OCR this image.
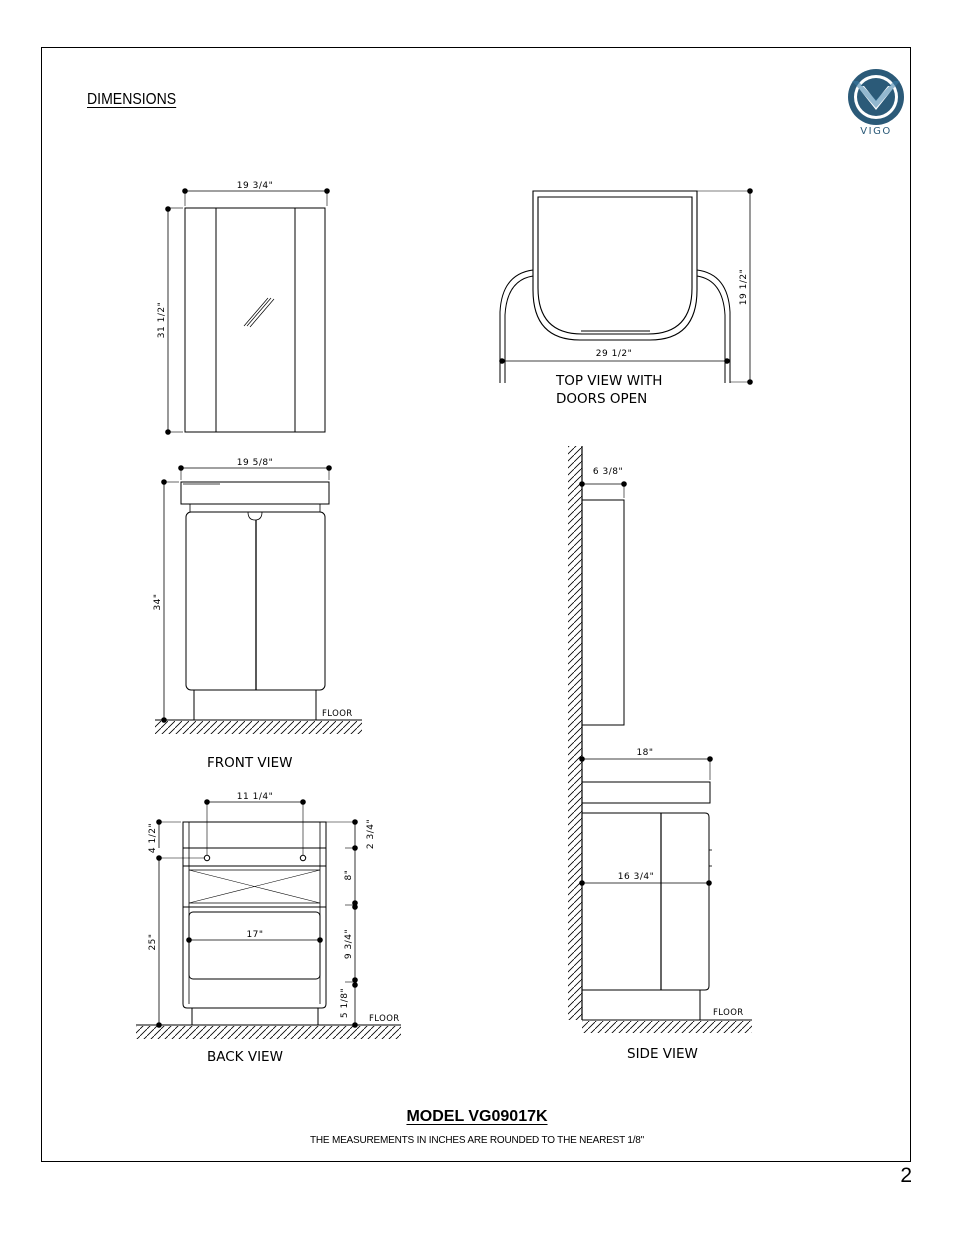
DIMENSIONS
2
MODEL VG09017K
THE MEASUREMENTS IN INCHES ARE ROUNDED TO THE NEAREST 1/8"
VIGO
19 3/4"
31 1/2"
29 1/2"
19 1/2"
TOP VIEW WITH
DOORS OPEN
19 5/8"
34"
FLOOR
FRONT VIEW
11 1/4"
17"
4 1/2"
25"
2 3/4"
8"
9 3/4"
5 1/8"
FLOOR
BACK VIEW
6 3/8"
18"
16 3/4"
FLOOR
SIDE VIEW
